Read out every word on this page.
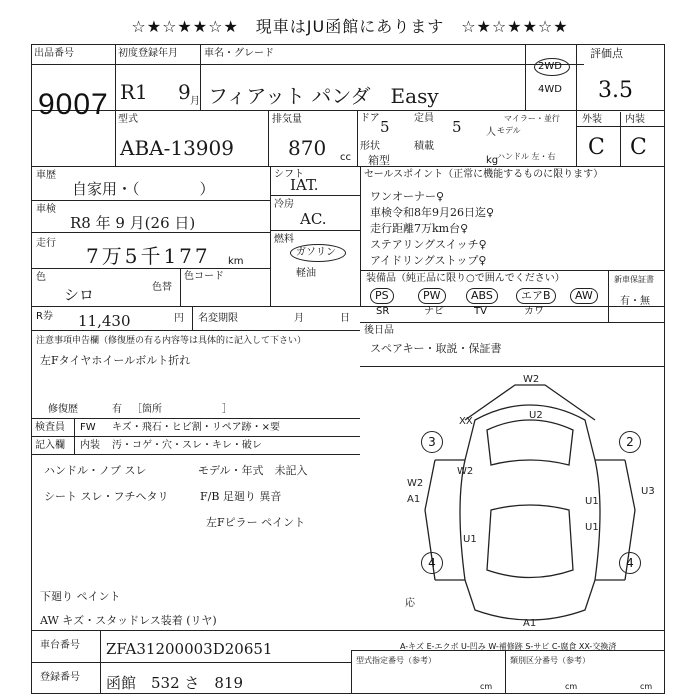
☆★☆★★☆★　現車はJU函館にあります　☆★☆★★☆★
出品番号
9007
初度登録年月
R1 9 月
車名・グレード
フィアット パンダ　Easy
2WD
4WD
評価点
3.5
型式
ABA-13909
排気量
870 cc
ドア 5 定員 5 人
形状
箱型
積載
kg
モデル
マイラー・並行
ハンドル 左・右
外装 内装
C C
車歴
自家用・（　　　　）
車検
R8 年 9 月(26 日)
走行
7万5千177 km
色
シロ	色替
色コード
シフト
IAT.
冷房
AC.
燃料
ガソリン
軽油
セールスポイント（正常に機能するものに限ります）
ワンオーナー♀
車検令和8年9月26日迄♀
走行距離7万km台♀
ステアリングスイッチ♀
アイドリングストップ♀
装備品（純正品に限り○で囲んでください）
PS	PW	ABS	エアB	AW
SR	ナビ	TV	カワ
新車保証書
有・無
R券 11,430	円 名変期限	月	日
注意事項申告欄（修復歴の有る内容等は具体的に記入して下さい）
左Fタイヤホイールボルト折れ
修復歴	有 ［箇所　　　　　　］
後日品
スペアキー・取説・保証書
検査員
記入欄
FW
内装
キズ・飛石・ヒビ割・リペア跡・×要
汚・コゲ・穴・スレ・キレ・破レ
ハンドル・ノブ スレ
シート スレ・フチヘタリ
モデル・年式　未記入
F/B 足廻り 異音
左Fピラー ペイント
下廻り ペイント
AW キズ・スタッドレス装着 (リヤ)
W2
XX
U2
W2
W2
A1	U1
U1
U1
U3
A1
応
3	2
4	4
車台番号 ZFA31200003D20651
登録番号 函館　532 さ　819
型式指定番号（参考）	類別区分番号（参考）
cm	cm	cm
A-キズ E-エクボ U-凹み W-補修跡 S-サビ C-腐食 XX-交換済
